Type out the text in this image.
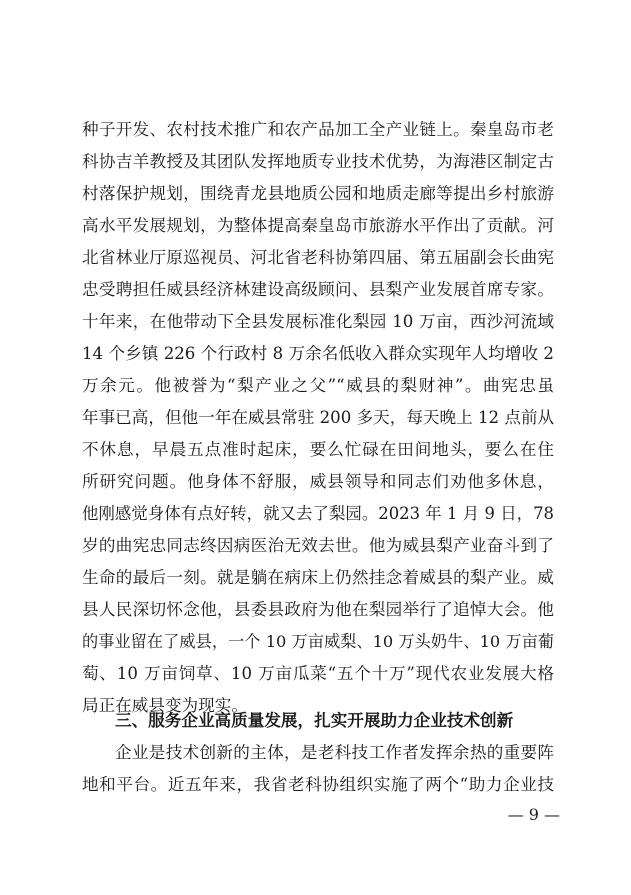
种子开发、农村技术推广和农产品加工全产业链上。秦皇岛市老
科协吉羊教授及其团队发挥地质专业技术优势，为海港区制定古
村落保护规划，围绕青龙县地质公园和地质走廊等提出乡村旅游
高水平发展规划，为整体提高秦皇岛市旅游水平作出了贡献。河
北省林业厅原巡视员、河北省老科协第四届、第五届副会长曲宪
忠受聘担任威县经济林建设高级顾问、县梨产业发展首席专家。
十年来，在他带动下全县发展标准化梨园 10 万亩，西沙河流域
14 个乡镇 226 个行政村 8 万余名低收入群众实现年人均增收 2
万余元。他被誉为“梨产业之父”“威县的梨财神”。曲宪忠虽
年事已高，但他一年在威县常驻 200 多天，每天晚上 12 点前从
不休息，早晨五点准时起床，要么忙碌在田间地头，要么在住
所研究问题。他身体不舒服，威县领导和同志们劝他多休息，
他刚感觉身体有点好转，就又去了梨园。2023 年 1 月 9 日，78
岁的曲宪忠同志终因病医治无效去世。他为威县梨产业奋斗到了
生命的最后一刻。就是躺在病床上仍然挂念着威县的梨产业。威
县人民深切怀念他，县委县政府为他在梨园举行了追悼大会。他
的事业留在了威县，一个 10 万亩威梨、10 万头奶牛、10 万亩葡
萄、10 万亩饲草、10 万亩瓜菜“五个十万”现代农业发展大格
局正在威县变为现实。
三、服务企业高质量发展，扎实开展助力企业技术创新
企业是技术创新的主体，是老科技工作者发挥余热的重要阵
地和平台。近五年来，我省老科协组织实施了两个“助力企业技
— 9 —
